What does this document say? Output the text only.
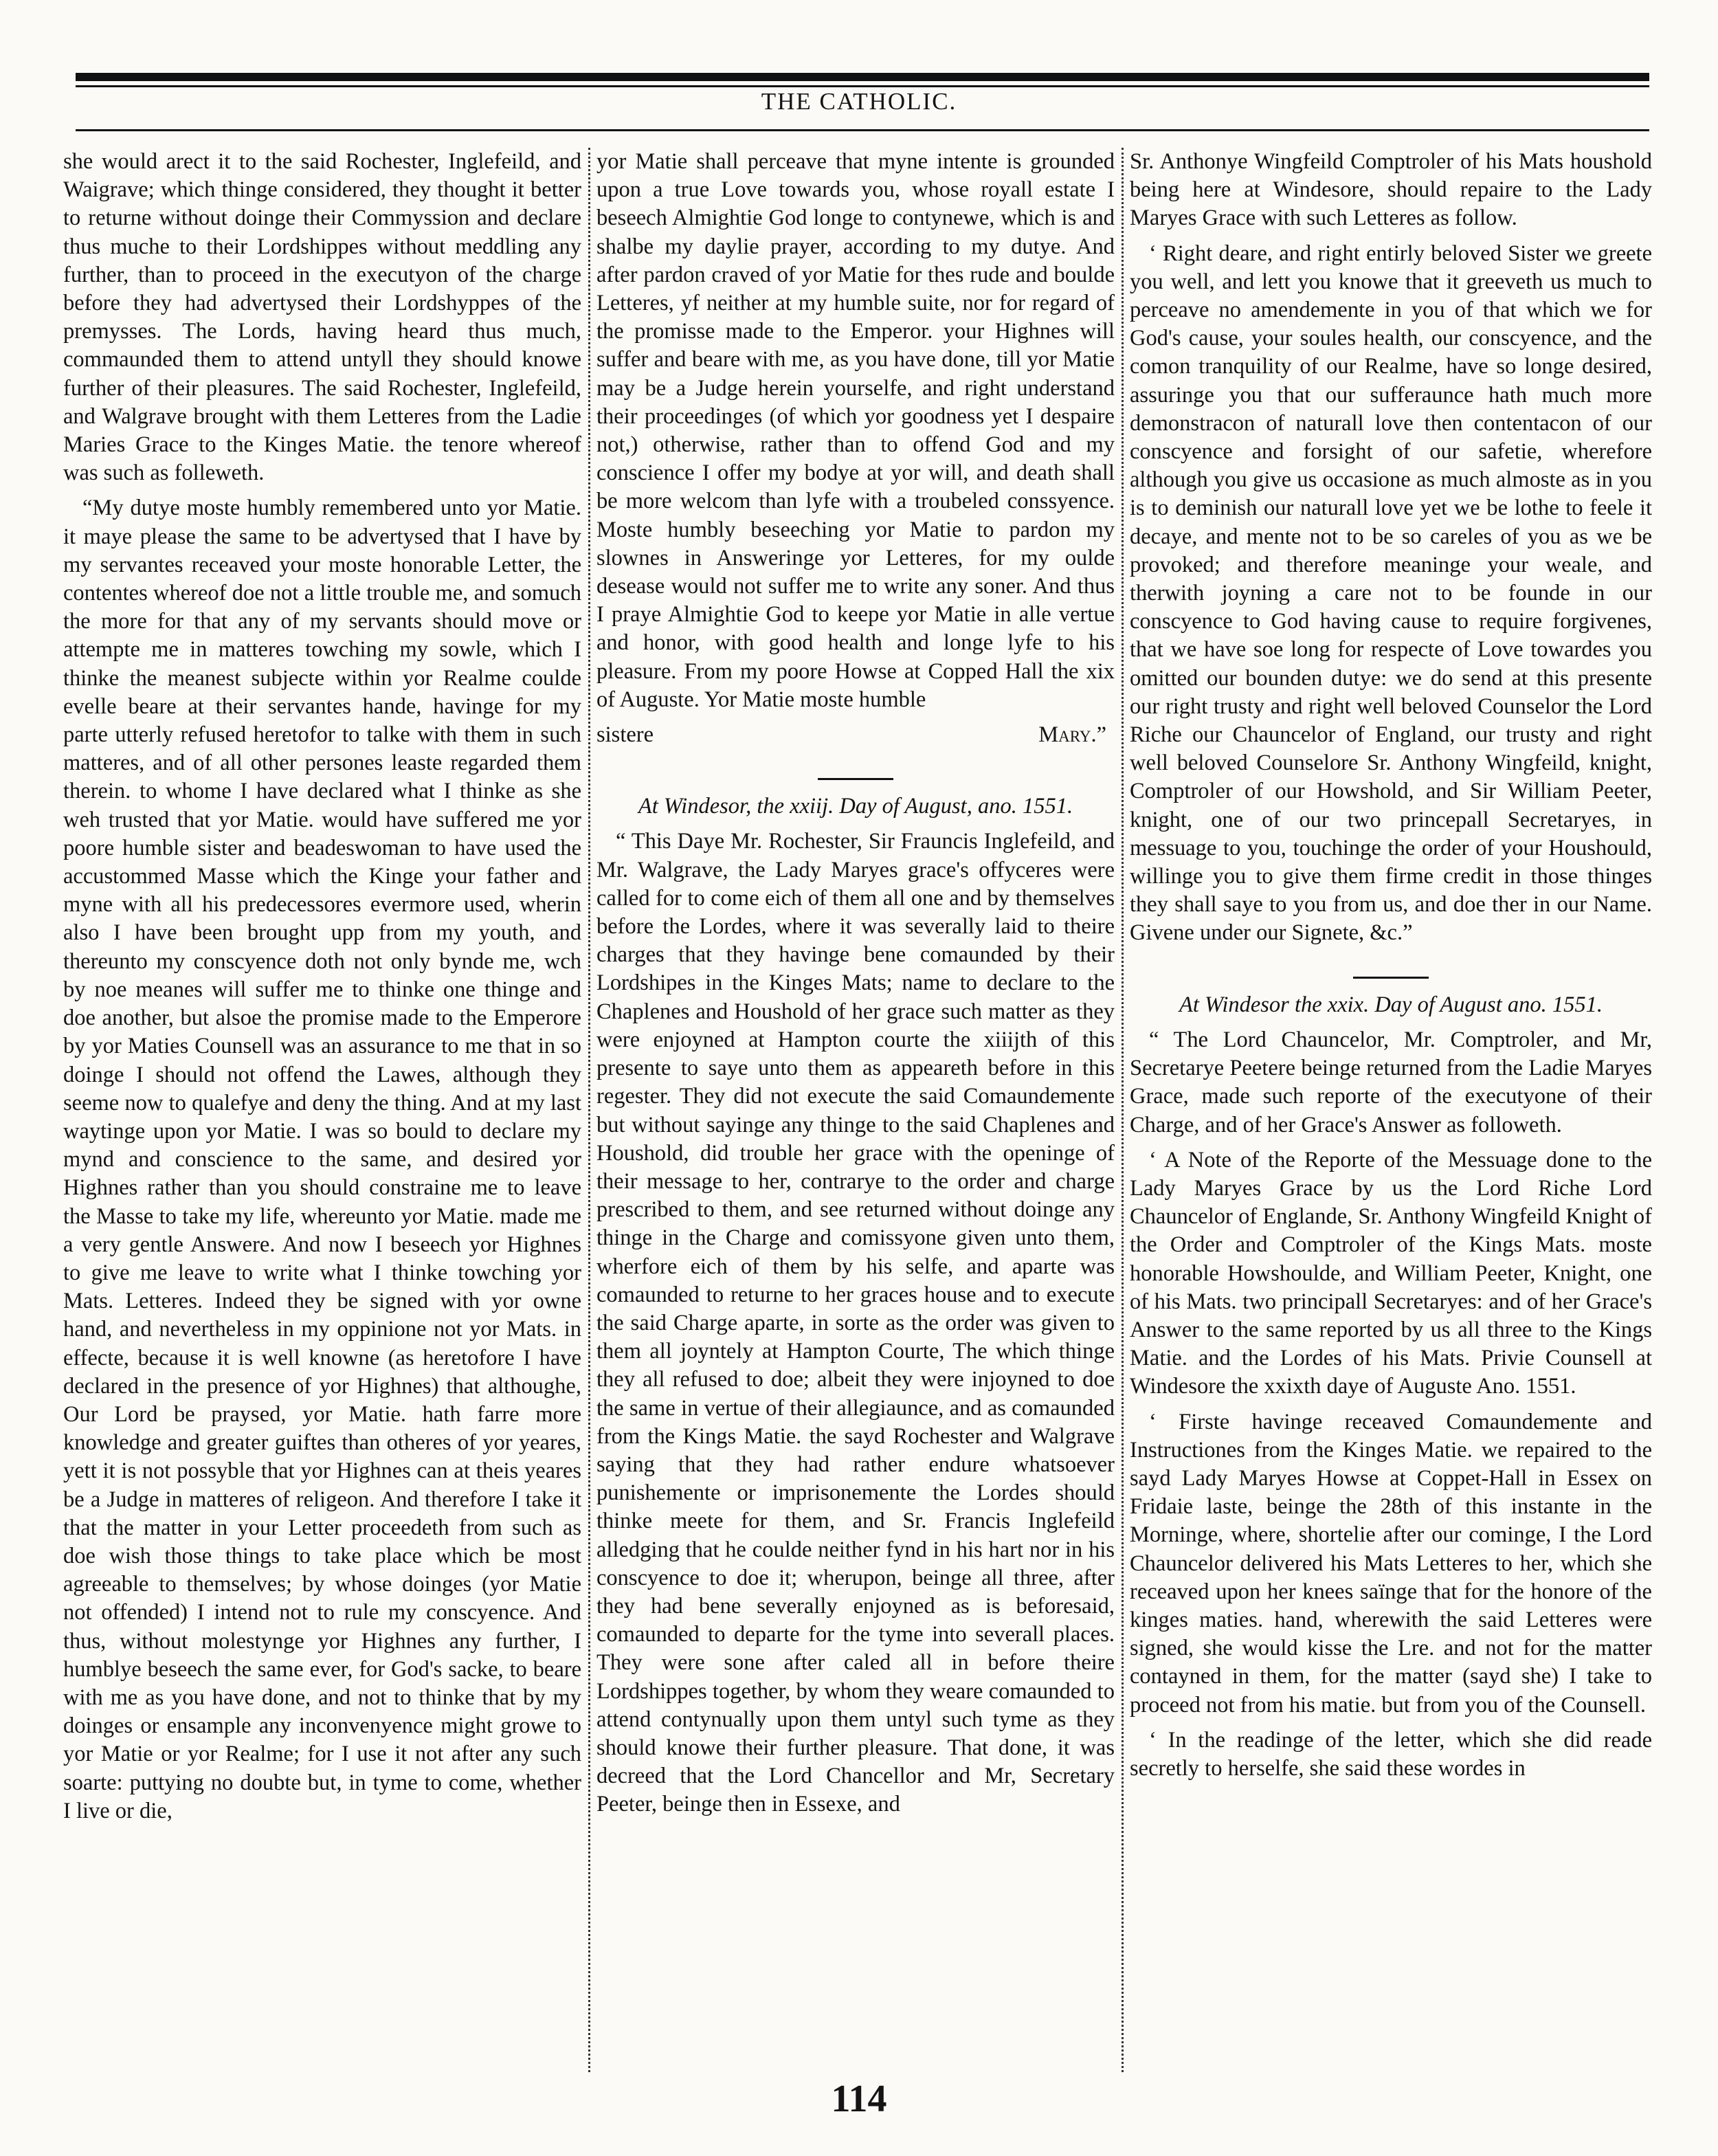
THE CATHOLIC.

she would arect it to the said Rochester, Inglefeild, and Waigrave; which thinge considered, they thought it better to returne without doinge their Commyssion and declare thus muche to their Lordshippes without meddling any further, than to proceed in the executyon of the charge before they had advertysed their Lordshyppes of the premysses. The Lords, having heard thus much, commaunded them to attend untyll they should knowe further of their pleasures. The said Rochester, Inglefeild, and Walgrave brought with them Letteres from the Ladie Maries Grace to the Kinges Matie. the tenore whereof was such as folleweth.

“My dutye moste humbly remembered unto yor Matie. it maye please the same to be advertysed that I have by my servantes receaved your moste honorable Letter, the contentes whereof doe not a little trouble me, and somuch the more for that any of my servants should move or attempte me in matteres towching my sowle, which I thinke the meanest subjecte within yor Realme coulde evelle beare at their servantes hande, havinge for my parte utterly refused heretofor to talke with them in such matteres, and of all other persones leaste regarded them therein. to whome I have declared what I thinke as she weh trusted that yor Matie. would have suffered me yor poore humble sister and beadeswoman to have used the accustommed Masse which the Kinge your father and myne with all his predecessores evermore used, wherin also I have been brought upp from my youth, and thereunto my conscyence doth not only bynde me, wch by noe meanes will suffer me to thinke one thinge and doe another, but alsoe the promise made to the Emperore by yor Maties Counsell was an assurance to me that in so doinge I should not offend the Lawes, although they seeme now to qualefye and deny the thing. And at my last waytinge upon yor Matie. I was so bould to declare my mynd and conscience to the same, and desired yor Highnes rather than you should constraine me to leave the Masse to take my life, whereunto yor Matie. made me a very gentle Answere. And now I beseech yor Highnes to give me leave to write what I thinke towching yor Mats. Letteres. Indeed they be signed with yor owne hand, and nevertheless in my oppinione not yor Mats. in effecte, because it is well knowne (as heretofore I have declared in the presence of yor Highnes) that althoughe, Our Lord be praysed, yor Matie. hath farre more knowledge and greater guiftes than otheres of yor yeares, yett it is not possyble that yor Highnes can at theis yeares be a Judge in matteres of religeon. And therefore I take it that the matter in your Letter proceedeth from such as doe wish those things to take place which be most agreeable to themselves; by whose doinges (yor Matie not offended) I intend not to rule my conscyence. And thus, without molestynge yor Highnes any further, I humblye beseech the same ever, for God's sacke, to beare with me as you have done, and not to thinke that by my doinges or ensample any inconvenyence might growe to yor Matie or yor Realme; for I use it not after any such soarte: puttying no doubte but, in tyme to come, whether I live or die,

yor Matie shall perceave that myne intente is grounded upon a true Love towards you, whose royall estate I beseech Almightie God longe to contynewe, which is and shalbe my daylie prayer, according to my dutye. And after pardon craved of yor Matie for thes rude and boulde Letteres, yf neither at my humble suite, nor for regard of the promisse made to the Emperor. your Highnes will suffer and beare with me, as you have done, till yor Matie may be a Judge herein yourselfe, and right understand their proceedinges (of which yor goodness yet I despaire not,) otherwise, rather than to offend God and my conscience I offer my bodye at yor will, and death shall be more welcom than lyfe with a troubeled conssyence. Moste humbly beseeching yor Matie to pardon my slownes in Answeringe yor Letteres, for my oulde desease would not suffer me to write any soner. And thus I praye Almightie God to keepe yor Matie in alle vertue and honor, with good health and longe lyfe to his pleasure. From my poore Howse at Copped Hall the xix of Auguste. Yor Matie moste humble

sistere	Mary.”

At Windesor, the xxiij. Day of August, ano. 1551.

“ This Daye Mr. Rochester, Sir Frauncis Inglefeild, and Mr. Walgrave, the Lady Maryes grace's offyceres were called for to come eich of them all one and by themselves before the Lordes, where it was severally laid to theire charges that they havinge bene comaunded by their Lordshipes in the Kinges Mats; name to declare to the Chaplenes and Houshold of her grace such matter as they were enjoyned at Hampton courte the xiiijth of this presente to saye unto them as appeareth before in this regester. They did not execute the said Comaundemente but without sayinge any thinge to the said Chaplenes and Houshold, did trouble her grace with the openinge of their message to her, contrarye to the order and charge prescribed to them, and see returned without doinge any thinge in the Charge and comissyone given unto them, wherfore eich of them by his selfe, and aparte was comaunded to returne to her graces house and to execute the said Charge aparte, in sorte as the order was given to them all joyntely at Hampton Courte, The which thinge they all refused to doe; albeit they were injoyned to doe the same in vertue of their allegiaunce, and as comaunded from the Kings Matie. the sayd Rochester and Walgrave saying that they had rather endure whatsoever punishemente or imprisonemente the Lordes should thinke meete for them, and Sr. Francis Inglefeild alledging that he coulde neither fynd in his hart nor in his conscyence to doe it; wherupon, beinge all three, after they had bene severally enjoyned as is beforesaid, comaunded to departe for the tyme into severall places. They were sone after caled all in before theire Lordshippes together, by whom they weare comaunded to attend contynually upon them untyl such tyme as they should knowe their further pleasure. That done, it was decreed that the Lord Chancellor and Mr, Secretary Peeter, beinge then in Essexe, and

Sr. Anthonye Wingfeild Comptroler of his Mats houshold being here at Windesore, should repaire to the Lady Maryes Grace with such Letteres as follow.

‘ Right deare, and right entirly beloved Sister we greete you well, and lett you knowe that it greeveth us much to perceave no amendemente in you of that which we for God's cause, your soules health, our conscyence, and the comon tranquility of our Realme, have so longe desired, assuringe you that our sufferaunce hath much more demonstracon of naturall love then contentacon of our conscyence and forsight of our safetie, wherefore although you give us occasione as much almoste as in you is to deminish our naturall love yet we be lothe to feele it decaye, and mente not to be so careles of you as we be provoked; and therefore meaninge your weale, and therwith joyning a care not to be founde in our conscyence to God having cause to require forgivenes, that we have soe long for respecte of Love towardes you omitted our bounden dutye: we do send at this presente our right trusty and right well beloved Counselor the Lord Riche our Chauncelor of England, our trusty and right well beloved Counselore Sr. Anthony Wingfeild, knight, Comptroler of our Howshold, and Sir William Peeter, knight, one of our two princepall Secretaryes, in messuage to you, touchinge the order of your Houshould, willinge you to give them firme credit in those thinges they shall saye to you from us, and doe ther in our Name. Givene under our Signete, &c.”

At Windesor the xxix. Day of August ano. 1551.

“ The Lord Chauncelor, Mr. Comptroler, and Mr, Secretarye Peetere beinge returned from the Ladie Maryes Grace, made such reporte of the executyone of their Charge, and of her Grace's Answer as followeth.

‘ A Note of the Reporte of the Messuage done to the Lady Maryes Grace by us the Lord Riche Lord Chauncelor of Englande, Sr. Anthony Wingfeild Knight of the Order and Comptroler of the Kings Mats. moste honorable Howshoulde, and William Peeter, Knight, one of his Mats. two principall Secretaryes: and of her Grace's Answer to the same reported by us all three to the Kings Matie. and the Lordes of his Mats. Privie Counsell at Windesore the xxixth daye of Auguste Ano. 1551.

‘ Firste havinge receaved Comaundemente and Instructiones from the Kinges Matie. we repaired to the sayd Lady Maryes Howse at Coppet-Hall in Essex on Fridaie laste, beinge the 28th of this instante in the Morninge, where, shortelie after our cominge, I the Lord Chauncelor delivered his Mats Letteres to her, which she receaved upon her knees saïnge that for the honore of the kinges maties. hand, wherewith the said Letteres were signed, she would kisse the Lre. and not for the matter contayned in them, for the matter (sayd she) I take to proceed not from his matie. but from you of the Counsell.

‘ In the readinge of the letter, which she did reade secretly to herselfe, she said these wordes in

114
